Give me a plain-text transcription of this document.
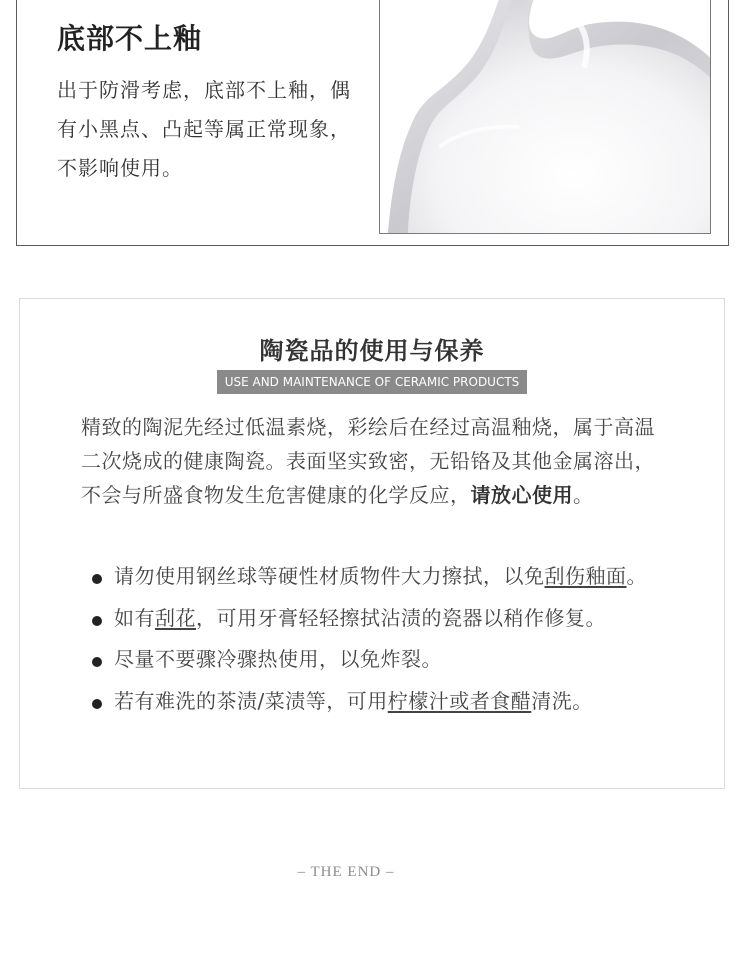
底部不上釉

出于防滑考虑，底部不上釉，偶有小黑点、凸起等属正常现象，不影响使用。

陶瓷品的使用与保养
USE AND MAINTENANCE OF CERAMIC PRODUCTS

精致的陶泥先经过低温素烧，彩绘后在经过高温釉烧，属于高温二次烧成的健康陶瓷。表面坚实致密，无铅铬及其他金属溶出，不会与所盛食物发生危害健康的化学反应，请放心使用。

请勿使用钢丝球等硬性材质物件大力擦拭，以免刮伤釉面。
如有刮花，可用牙膏轻轻擦拭沾渍的瓷器以稍作修复。
尽量不要骤冷骤热使用，以免炸裂。
若有难洗的茶渍/菜渍等，可用柠檬汁或者食醋清洗。
– THE END –
